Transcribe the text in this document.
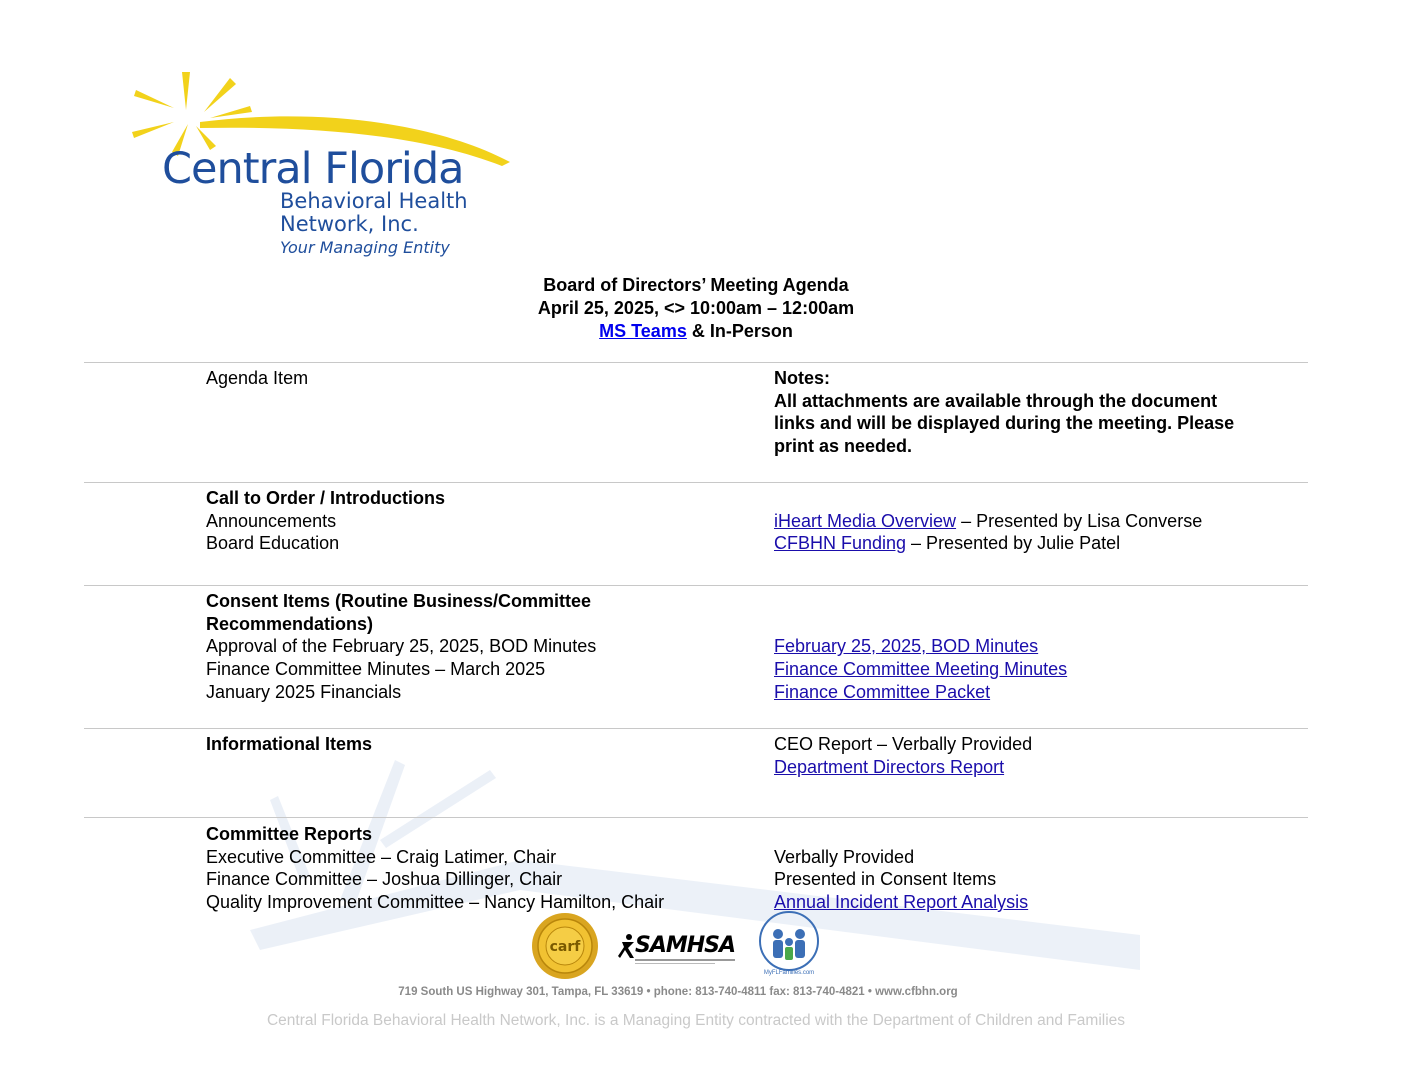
Central Florida
Behavioral Health
Network, Inc.
Your Managing Entity
Board of Directors’ Meeting Agenda
April 25, 2025, <> 10:00am – 12:00am
MS Teams & In-Person
Agenda Item	Notes:
All attachments are available through the document
links and will be displayed during the meeting. Please
print as needed.
Call to Order / Introductions
Announcements
Board Education
iHeart Media Overview – Presented by Lisa Converse
CFBHN Funding – Presented by Julie Patel
Consent Items (Routine Business/Committee
Recommendations)
Approval of the February 25, 2025, BOD Minutes
Finance Committee Minutes – March 2025
January 2025 Financials
February 25, 2025, BOD Minutes
Finance Committee Meeting Minutes
Finance Committee Packet
Informational Items	CEO Report – Verbally Provided
Department Directors Report
Committee Reports
Executive Committee – Craig Latimer, Chair
Finance Committee – Joshua Dillinger, Chair
Quality Improvement Committee – Nancy Hamilton, Chair
Verbally Provided
Presented in Consent Items
Annual Incident Report Analysis
carf SAMHSA
MyFLFamilies.com
719 South US Highway 301, Tampa, FL 33619 • phone: 813-740-4811 fax: 813-740-4821 • www.cfbhn.org
Central Florida Behavioral Health Network, Inc. is a Managing Entity contracted with the Department of Children and Families
